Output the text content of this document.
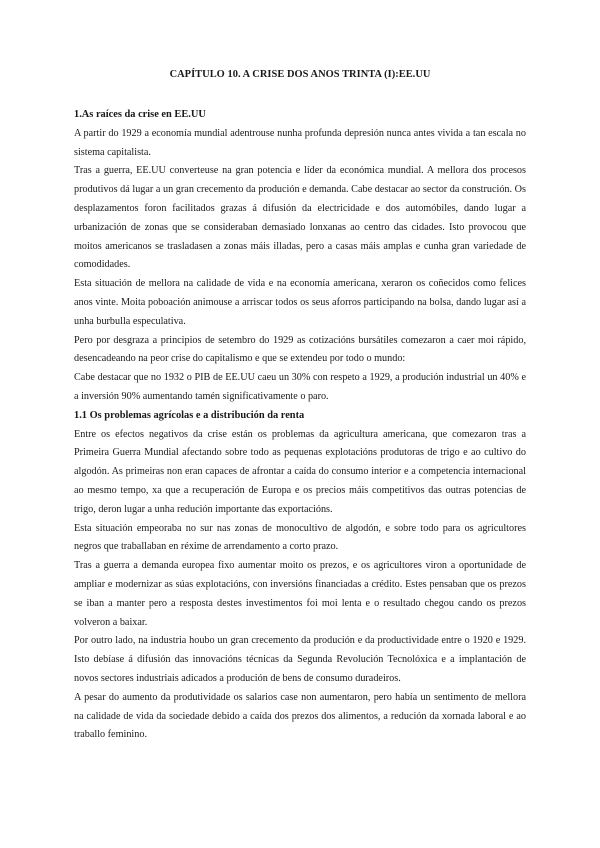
CAPÍTULO 10. A CRISE DOS ANOS TRINTA (I):EE.UU
1.As raíces da crise en EE.UU

A partir do 1929 a economía mundial adentrouse nunha profunda depresión nunca antes vivida a tan escala no sistema capitalista.

Tras a guerra, EE.UU converteuse na gran potencia e líder da económica mundial. A mellora dos procesos produtivos dá lugar a un gran crecemento da produción e demanda. Cabe destacar ao sector da construción. Os desplazamentos foron facilitados grazas á difusión da electricidade e dos automóbiles, dando lugar a urbanización de zonas que se consideraban demasiado lonxanas ao centro das cidades. Isto provocou que moitos americanos se trasladasen a zonas máis illadas, pero a casas máis amplas e cunha gran variedade de comodidades.

Esta situación de mellora na calidade de vida e na economía americana, xeraron os coñecidos como felices anos vinte. Moita poboación animouse a arriscar todos os seus aforros participando na bolsa, dando lugar así a unha burbulla especulativa.

Pero por desgraza a principios de setembro do 1929 as cotizacións bursátiles comezaron a caer moi rápido, desencadeando na peor crise do capitalismo e que se extendeu por todo o mundo:

Cabe destacar que no 1932 o PIB de EE.UU caeu un 30% con respeto a 1929, a produción industrial un 40% e a inversión 90% aumentando tamén significativamente o paro.

1.1 Os problemas agrícolas e a distribución da renta

Entre os efectos negativos da crise están os problemas da agricultura americana, que comezaron tras a Primeira Guerra Mundial afectando sobre todo as pequenas explotacións produtoras de trigo e ao cultivo do algodón. As primeiras non eran capaces de afrontar a caída do consumo interior e a competencia internacional ao mesmo tempo, xa que a recuperación de Europa e os precios máis competitivos das outras potencias de trigo, deron lugar a unha redución importante das exportacións.

Esta situación empeoraba no sur nas zonas de monocultivo de algodón, e sobre todo para os agricultores negros que traballaban en réxime de arrendamento a corto prazo.

Tras a guerra a demanda europea fixo aumentar moito os prezos, e os agricultores viron a oportunidade de ampliar e modernizar as súas explotacións, con inversións financiadas a crédito. Estes pensaban que os prezos se iban a manter pero a resposta destes investimentos foi moi lenta e o resultado chegou cando os prezos volveron a baixar.

Por outro lado, na industria houbo un gran crecemento da produción e da productividade entre o 1920 e 1929. Isto debíase á difusión das innovacións técnicas da Segunda Revolución Tecnolóxica e a implantación de novos sectores industriais adicados a produción de bens de consumo duradeiros.

A pesar do aumento da produtividade os salarios case non aumentaron, pero había un sentimento de mellora na calidade de vida da sociedade debido a caída dos prezos dos alimentos, a redución da xornada laboral e ao traballo feminino.
